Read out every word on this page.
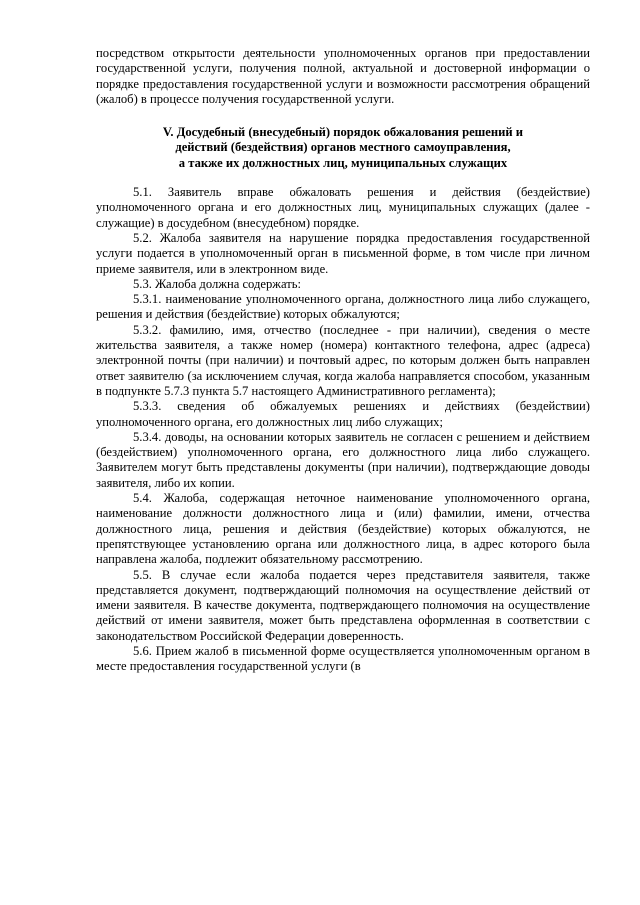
посредством открытости деятельности уполномоченных органов при предоставлении государственной услуги, получения полной, актуальной и достоверной информации о порядке предоставления государственной услуги и возможности рассмотрения обращений (жалоб) в процессе получения государственной услуги.

V. Досудебный (внесудебный) порядок обжалования решений и
действий (бездействия) органов местного самоуправления,
а также их должностных лиц, муниципальных служащих

5.1. Заявитель вправе обжаловать решения и действия (бездействие) уполномоченного органа и его должностных лиц, муниципальных служащих (далее - служащие) в досудебном (внесудебном) порядке.

5.2. Жалоба заявителя на нарушение порядка предоставления государственной услуги подается в уполномоченный орган в письменной форме, в том числе при личном приеме заявителя, или в электронном виде.

5.3. Жалоба должна содержать:

5.3.1. наименование уполномоченного органа, должностного лица либо служащего, решения и действия (бездействие) которых обжалуются;

5.3.2. фамилию, имя, отчество (последнее - при наличии), сведения о месте жительства заявителя, а также номер (номера) контактного телефона, адрес (адреса) электронной почты (при наличии) и почтовый адрес, по которым должен быть направлен ответ заявителю (за исключением случая, когда жалоба направляется способом, указанным в подпункте 5.7.3 пункта 5.7 настоящего Административного регламента);

5.3.3. сведения об обжалуемых решениях и действиях (бездействии) уполномоченного органа, его должностных лиц либо служащих;

5.3.4. доводы, на основании которых заявитель не согласен с решением и действием (бездействием) уполномоченного органа, его должностного лица либо служащего. Заявителем могут быть представлены документы (при наличии), подтверждающие доводы заявителя, либо их копии.

5.4. Жалоба, содержащая неточное наименование уполномоченного органа, наименование должности должностного лица и (или) фамилии, имени, отчества должностного лица, решения и действия (бездействие) которых обжалуются, не препятствующее установлению органа или должностного лица, в адрес которого была направлена жалоба, подлежит обязательному рассмотрению.

5.5. В случае если жалоба подается через представителя заявителя, также представляется документ, подтверждающий полномочия на осуществление действий от имени заявителя. В качестве документа, подтверждающего полномочия на осуществление действий от имени заявителя, может быть представлена оформленная в соответствии с законодательством Российской Федерации доверенность.

5.6. Прием жалоб в письменной форме осуществляется уполномоченным органом в месте предоставления государственной услуги (в
